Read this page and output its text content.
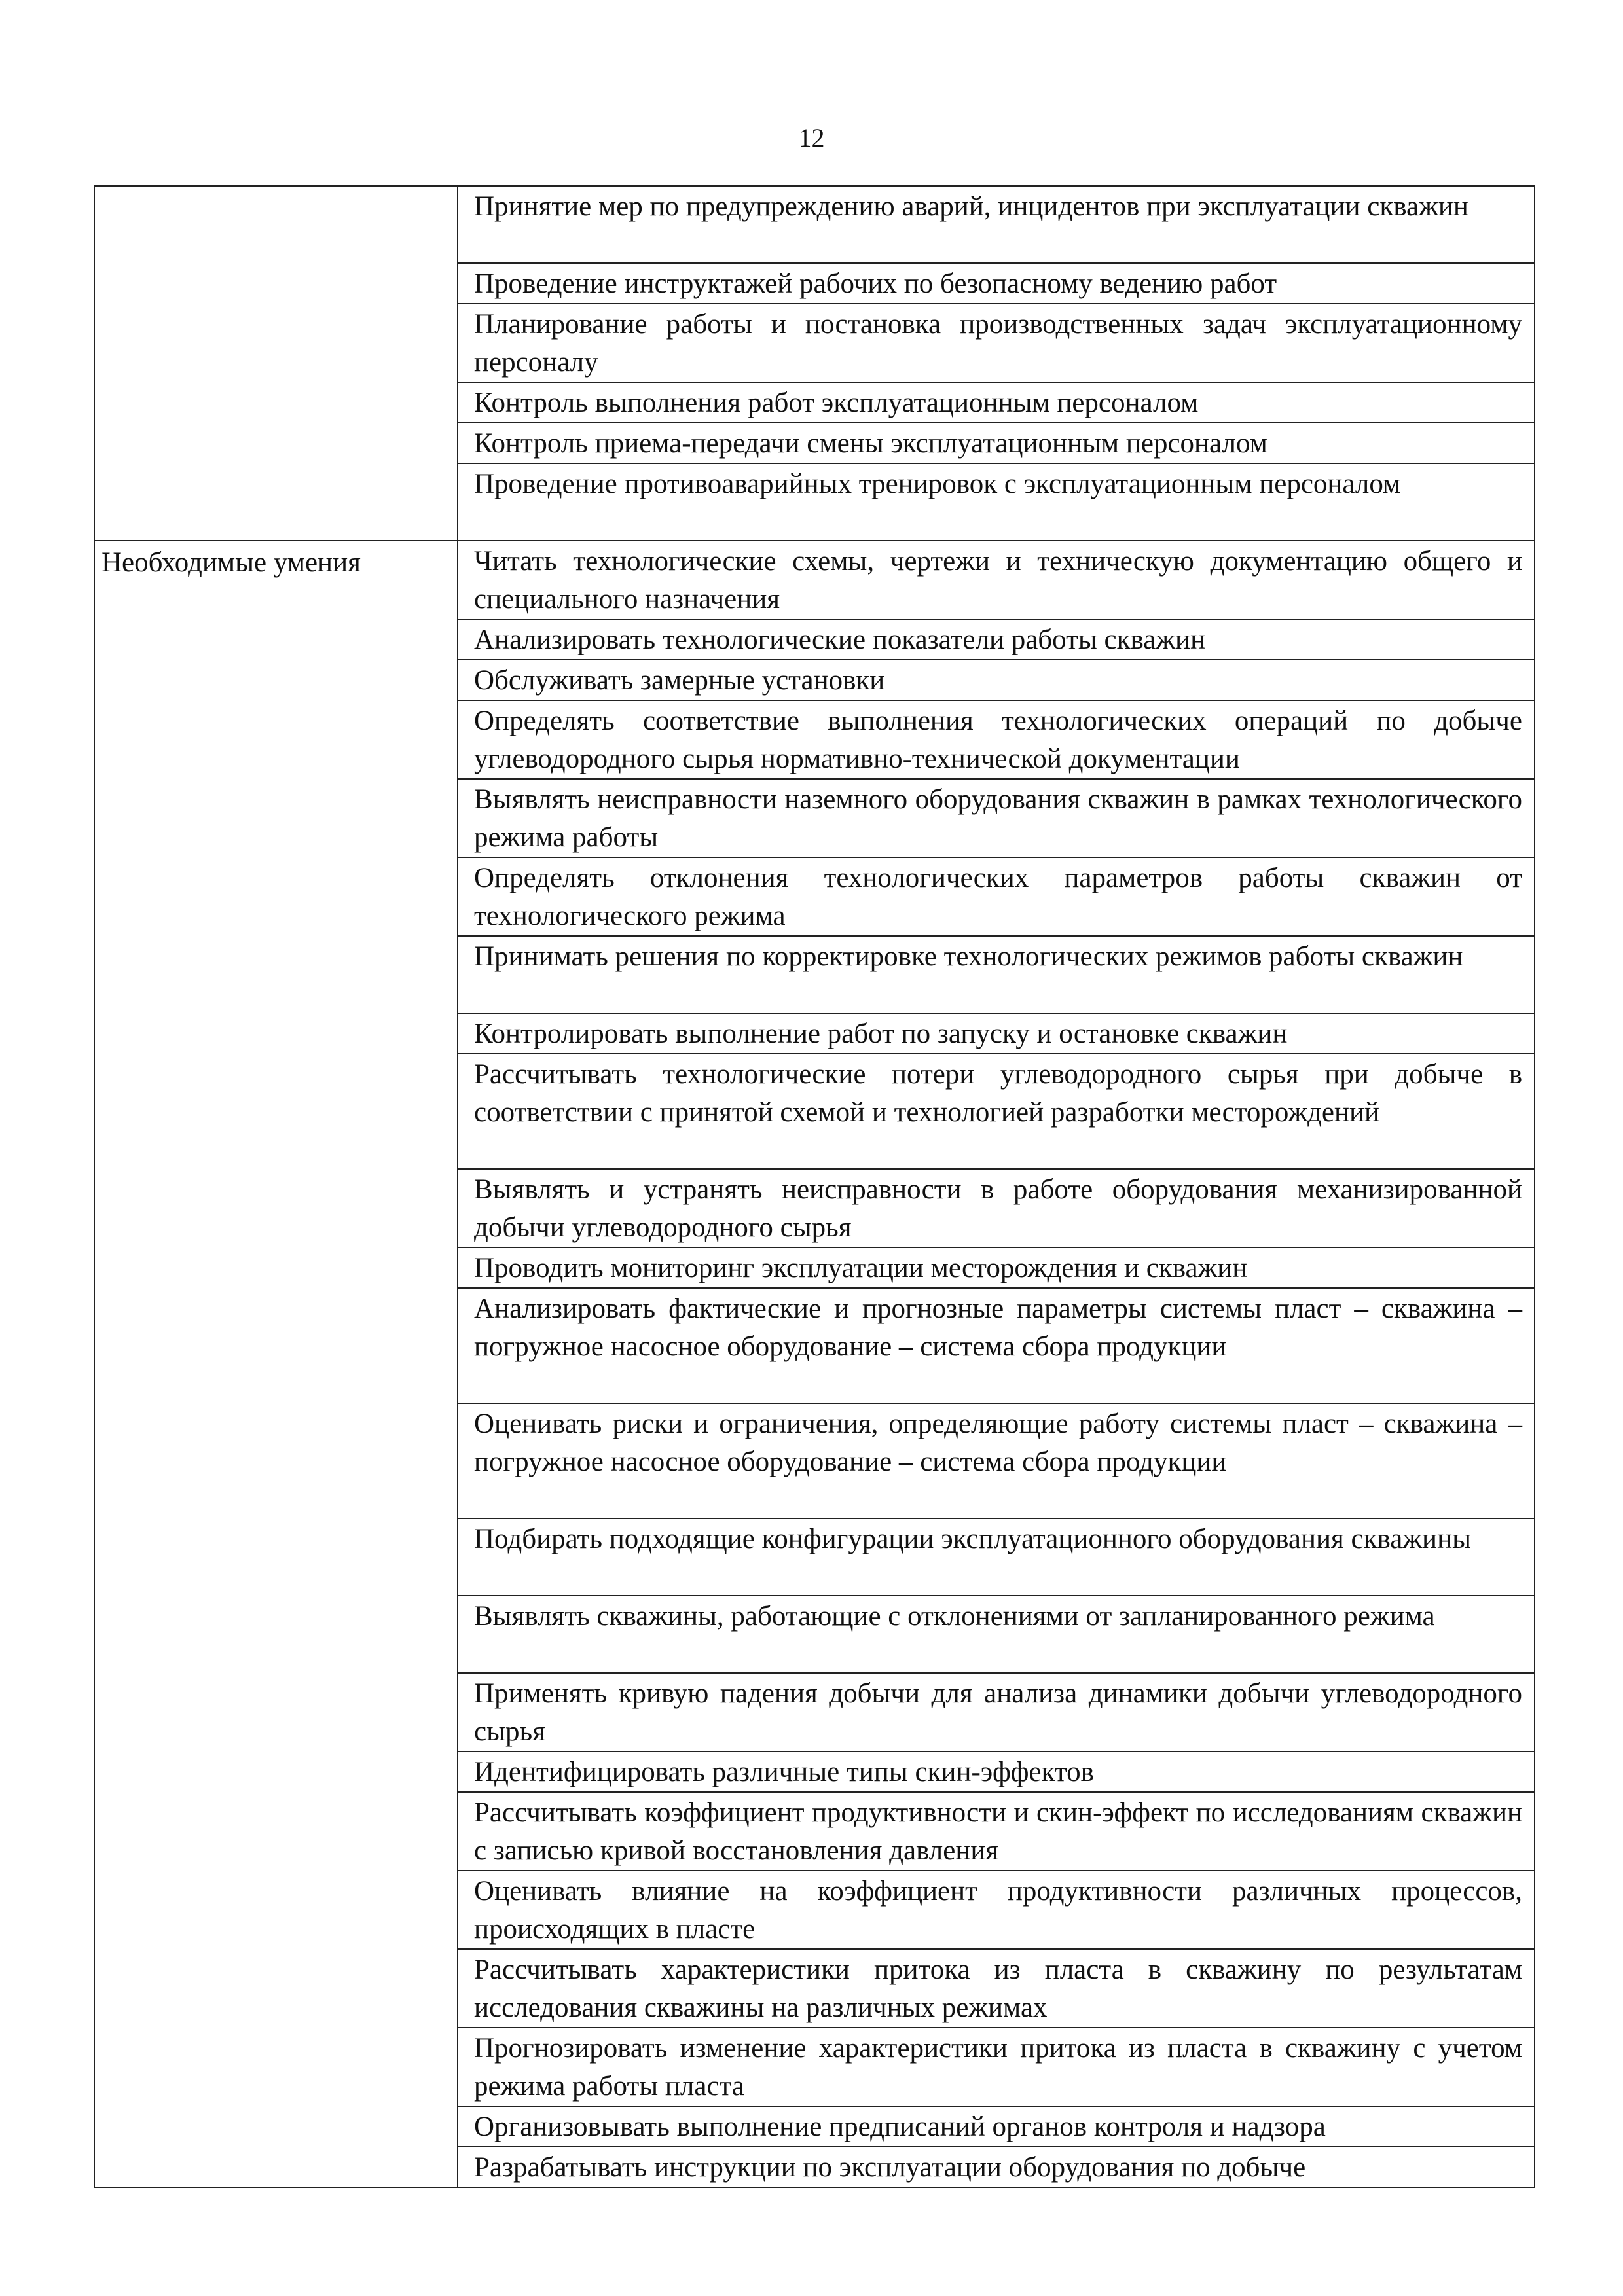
12
	Принятие мер по предупреждению аварий, инцидентов при эксплуатации скважин
	Проведение инструктажей рабочих по безопасному ведению работ
	Планирование работы и постановка производственных задач эксплуатационному персоналу
	Контроль выполнения работ эксплуатационным персоналом
	Контроль приема-передачи смены эксплуатационным персоналом
	Проведение противоаварийных тренировок с эксплуатационным персоналом
Необходимые умения	Читать технологические схемы, чертежи и техническую документацию общего и специального назначения
	Анализировать технологические показатели работы скважин
	Обслуживать замерные установки
	Определять соответствие выполнения технологических операций по добыче углеводородного сырья нормативно-технической документации
	Выявлять неисправности наземного оборудования скважин в рамках технологического режима работы
	Определять отклонения технологических параметров работы скважин от технологического режима
	Принимать решения по корректировке технологических режимов работы скважин
	Контролировать выполнение работ по запуску и остановке скважин
	Рассчитывать технологические потери углеводородного сырья при добыче в соответствии с принятой схемой и технологией разработки месторождений
	Выявлять и устранять неисправности в работе оборудования механизированной добычи углеводородного сырья
	Проводить мониторинг эксплуатации месторождения и скважин
	Анализировать фактические и прогнозные параметры системы пласт – скважина – погружное насосное оборудование – система сбора продукции
	Оценивать риски и ограничения, определяющие работу системы пласт – скважина – погружное насосное оборудование – система сбора продукции
	Подбирать подходящие конфигурации эксплуатационного оборудования скважины
	Выявлять скважины, работающие с отклонениями от запланированного режима
	Применять кривую падения добычи для анализа динамики добычи углеводородного сырья
	Идентифицировать различные типы скин-эффектов
	Рассчитывать коэффициент продуктивности и скин-эффект по исследованиям скважин с записью кривой восстановления давления
	Оценивать влияние на коэффициент продуктивности различных процессов, происходящих в пласте
	Рассчитывать характеристики притока из пласта в скважину по результатам исследования скважины на различных режимах
	Прогнозировать изменение характеристики притока из пласта в скважину с учетом режима работы пласта
	Организовывать выполнение предписаний органов контроля и надзора
	Разрабатывать инструкции по эксплуатации оборудования по добыче
